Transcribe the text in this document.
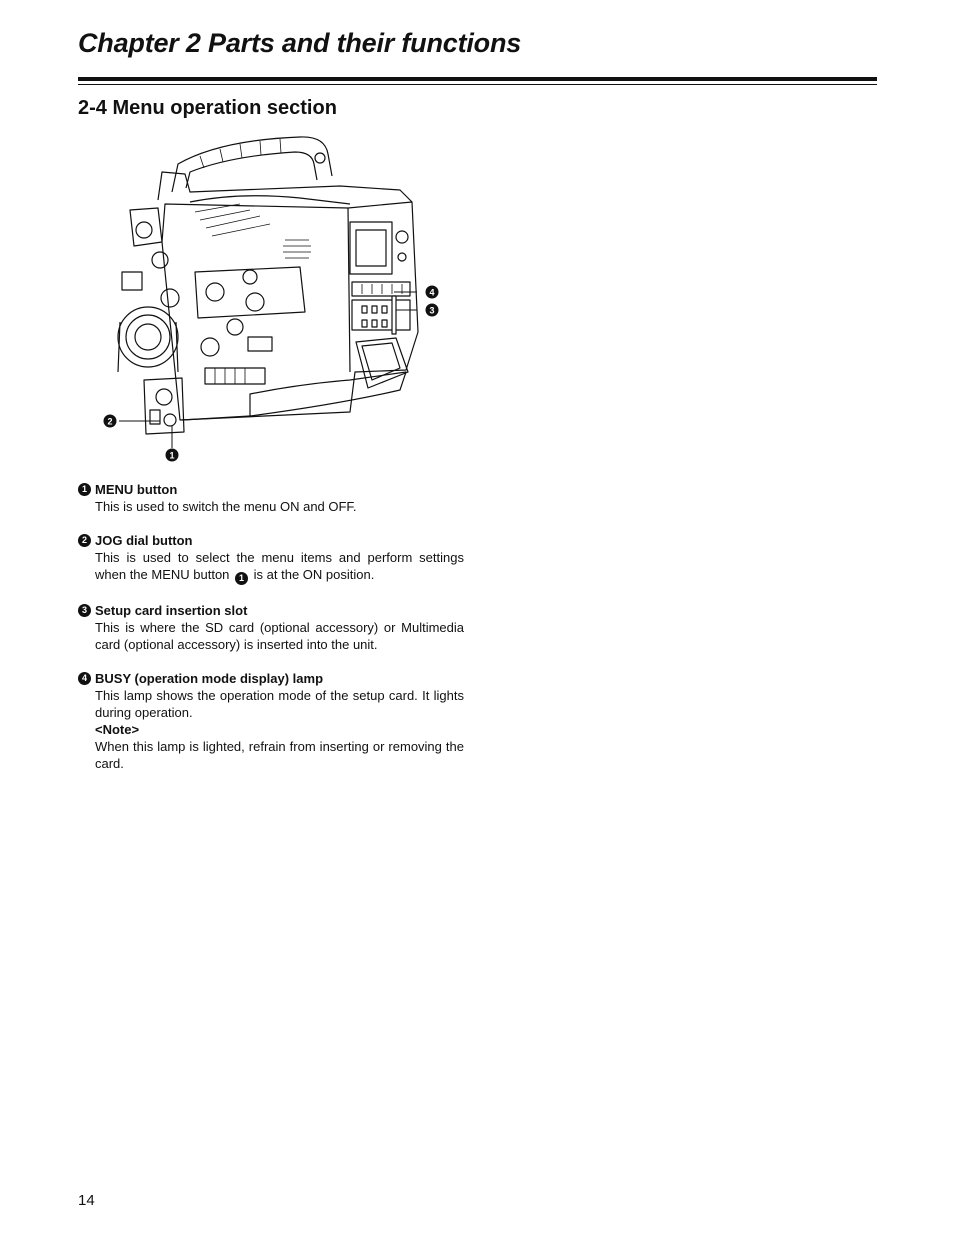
Chapter 2 Parts and their functions
2-4 Menu operation section
4
3
2
1
1 MENU button
This is used to switch the menu ON and OFF.
2 JOG dial button
This is used to select the menu items and perform settings when the MENU button 1 is at the ON position.
3 Setup card insertion slot
This is where the SD card (optional accessory) or Multimedia card (optional accessory) is inserted into the unit.
4 BUSY (operation mode display) lamp
This lamp shows the operation mode of the setup card. It lights during operation.
<Note>
When this lamp is lighted, refrain from inserting or removing the card.
14
